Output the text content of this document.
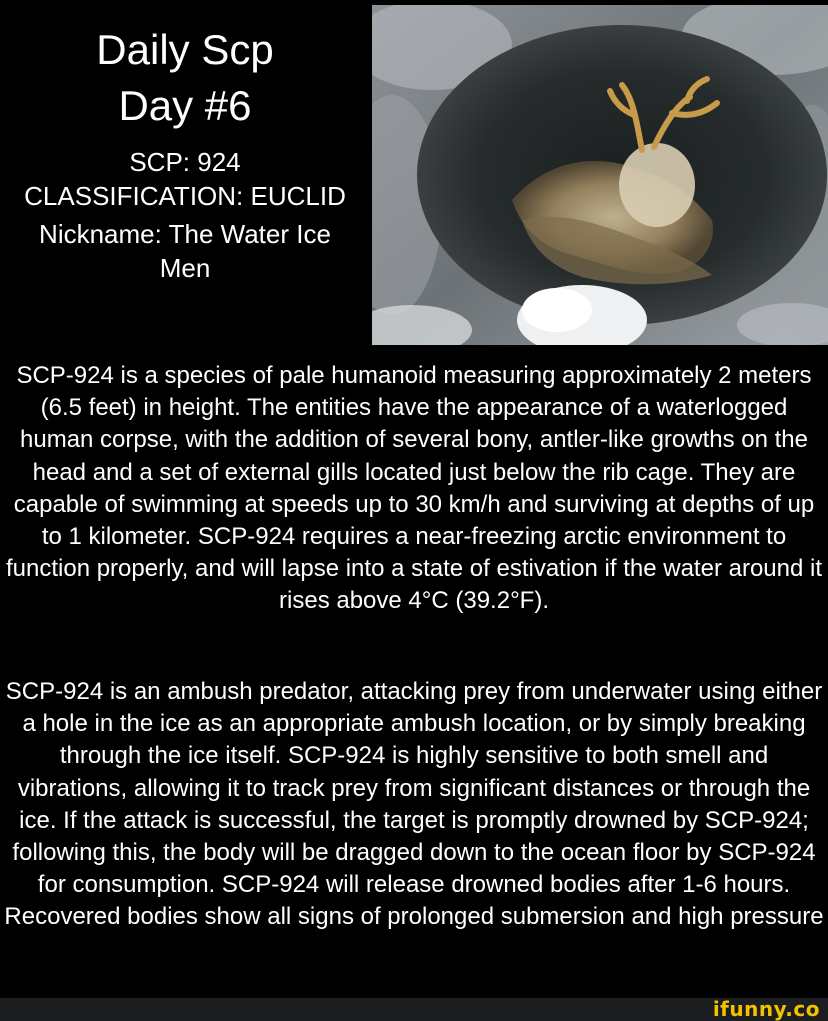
Daily Scp
Day #6
SCP: 924
CLASSIFICATION: EUCLID
Nickname: The Water Ice
Men
SCP-924 is a species of pale humanoid measuring approximately 2 meters (6.5 feet) in height. The entities have the appearance of a waterlogged human corpse, with the addition of several bony, antler-like growths on the head and a set of external gills located just below the rib cage. They are capable of swimming at speeds up to 30 km/h and surviving at depths of up to 1 kilometer. SCP-924 requires a near-freezing arctic environment to function properly, and will lapse into a state of estivation if the water around it rises above 4°C (39.2°F).
SCP-924 is an ambush predator, attacking prey from underwater using either a hole in the ice as an appropriate ambush location, or by simply breaking through the ice itself. SCP-924 is highly sensitive to both smell and vibrations, allowing it to track prey from significant distances or through the ice. If the attack is successful, the target is promptly drowned by SCP-924; following this, the body will be dragged down to the ocean floor by SCP-924 for consumption. SCP-924 will release drowned bodies after 1-6 hours. Recovered bodies show all signs of prolonged submersion and high pressure
ifunny.co
